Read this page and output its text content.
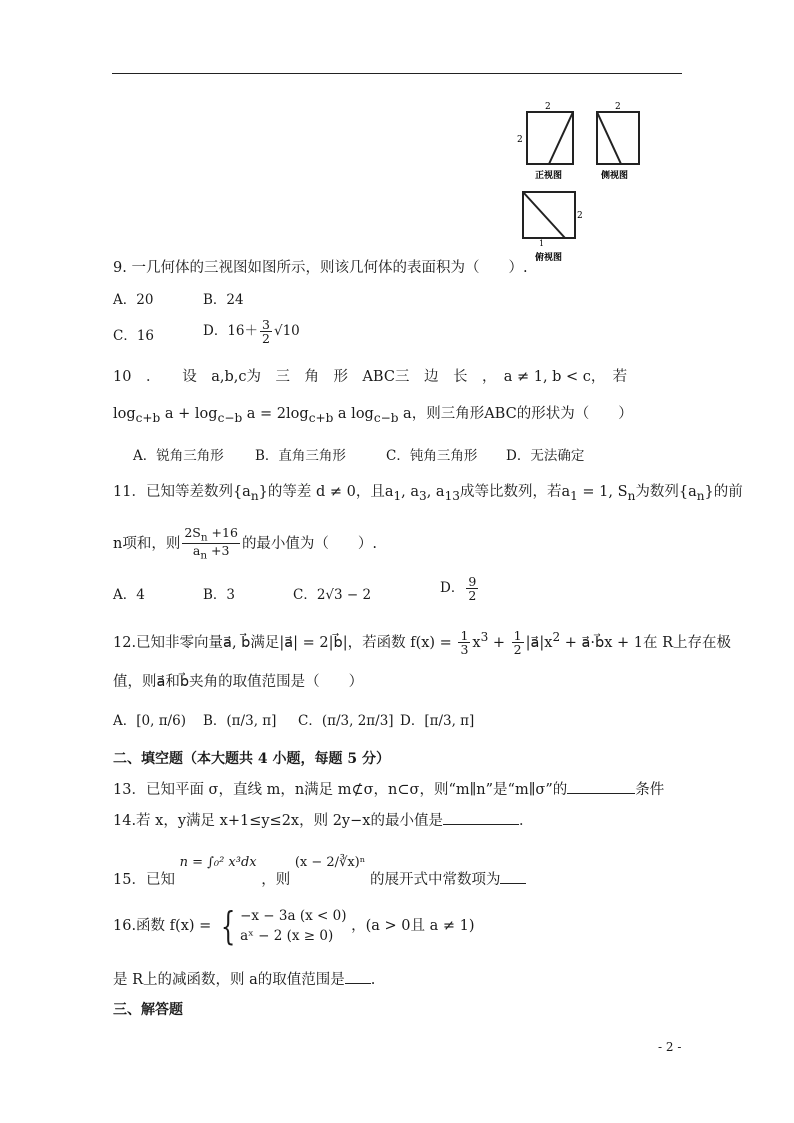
2	2
2
2
1
正视图	侧视图
俯视图
9. 一几何体的三视图如图所示，则该几何体的表面积为（　　）.
A．20	B．24
C．16	D．$16+ \frac{3}{2} √10$
10　．　　设　a,b,c为　三　角　形　ABC三　边　长　，　a ≠ 1, b < c，　若
$\log_{c+b} a + \log_{c-b} a = 2\log_{c+b}$ a $\log_{c-b} a$，则三角形ABC的形状为（　　）
A．锐角三角形 B．直角三角形	C．钝角三角形 D．无法确定
11．已知等差数列$\{a_n\}$的等差 d ≠ 0，且$a_1$, $a_3$, $a_{13}$成等比数列，若$a_1 = 1$, $S_n$为数列$\{a_n\}$的前
n项和，则 $\frac{2S_n +16}{a_n +3}$ 的最小值为（　　）.
A．4	B．3	C．2√3 − 2	D． $\frac{9}{2}$
12.已知非零向量a⃗, b⃗满足|a⃗| = 2|b⃗|，若函数 $f(x) = \frac{1}{3} x^3 + \frac{1}{2}$ $|a⃗|x^2$ + a⃗·b⃗x + 1在 R上存在极
值，则a⃗和b⃗夹角的取值范围是（　　）
A．[0, π/6) B．(π/3, π] C．(π/3, 2π/3] D．[π/3, π]
二、填空题（本大题共 4 小题，每题 5 分）
13．已知平面 σ，直线 m，n满足 m⊄σ，n⊂σ，则“m∥n”是“m∥σ”的	条件
14.若 x，y满足 x+1≤y≤2x，则 2y−x的最小值是	．
15．已知 n = ∫₀² x³dx ，则 (x − 2/∛x)ⁿ 的展开式中常数项为
16.函数 f(x) = { −x − 3a (x < 0)
aˣ − 2 (x ≥ 0)
，(a > 0且 a ≠ 1)
是 R上的减函数，则 a的取值范围是 .
三、解答题
- 2 -
